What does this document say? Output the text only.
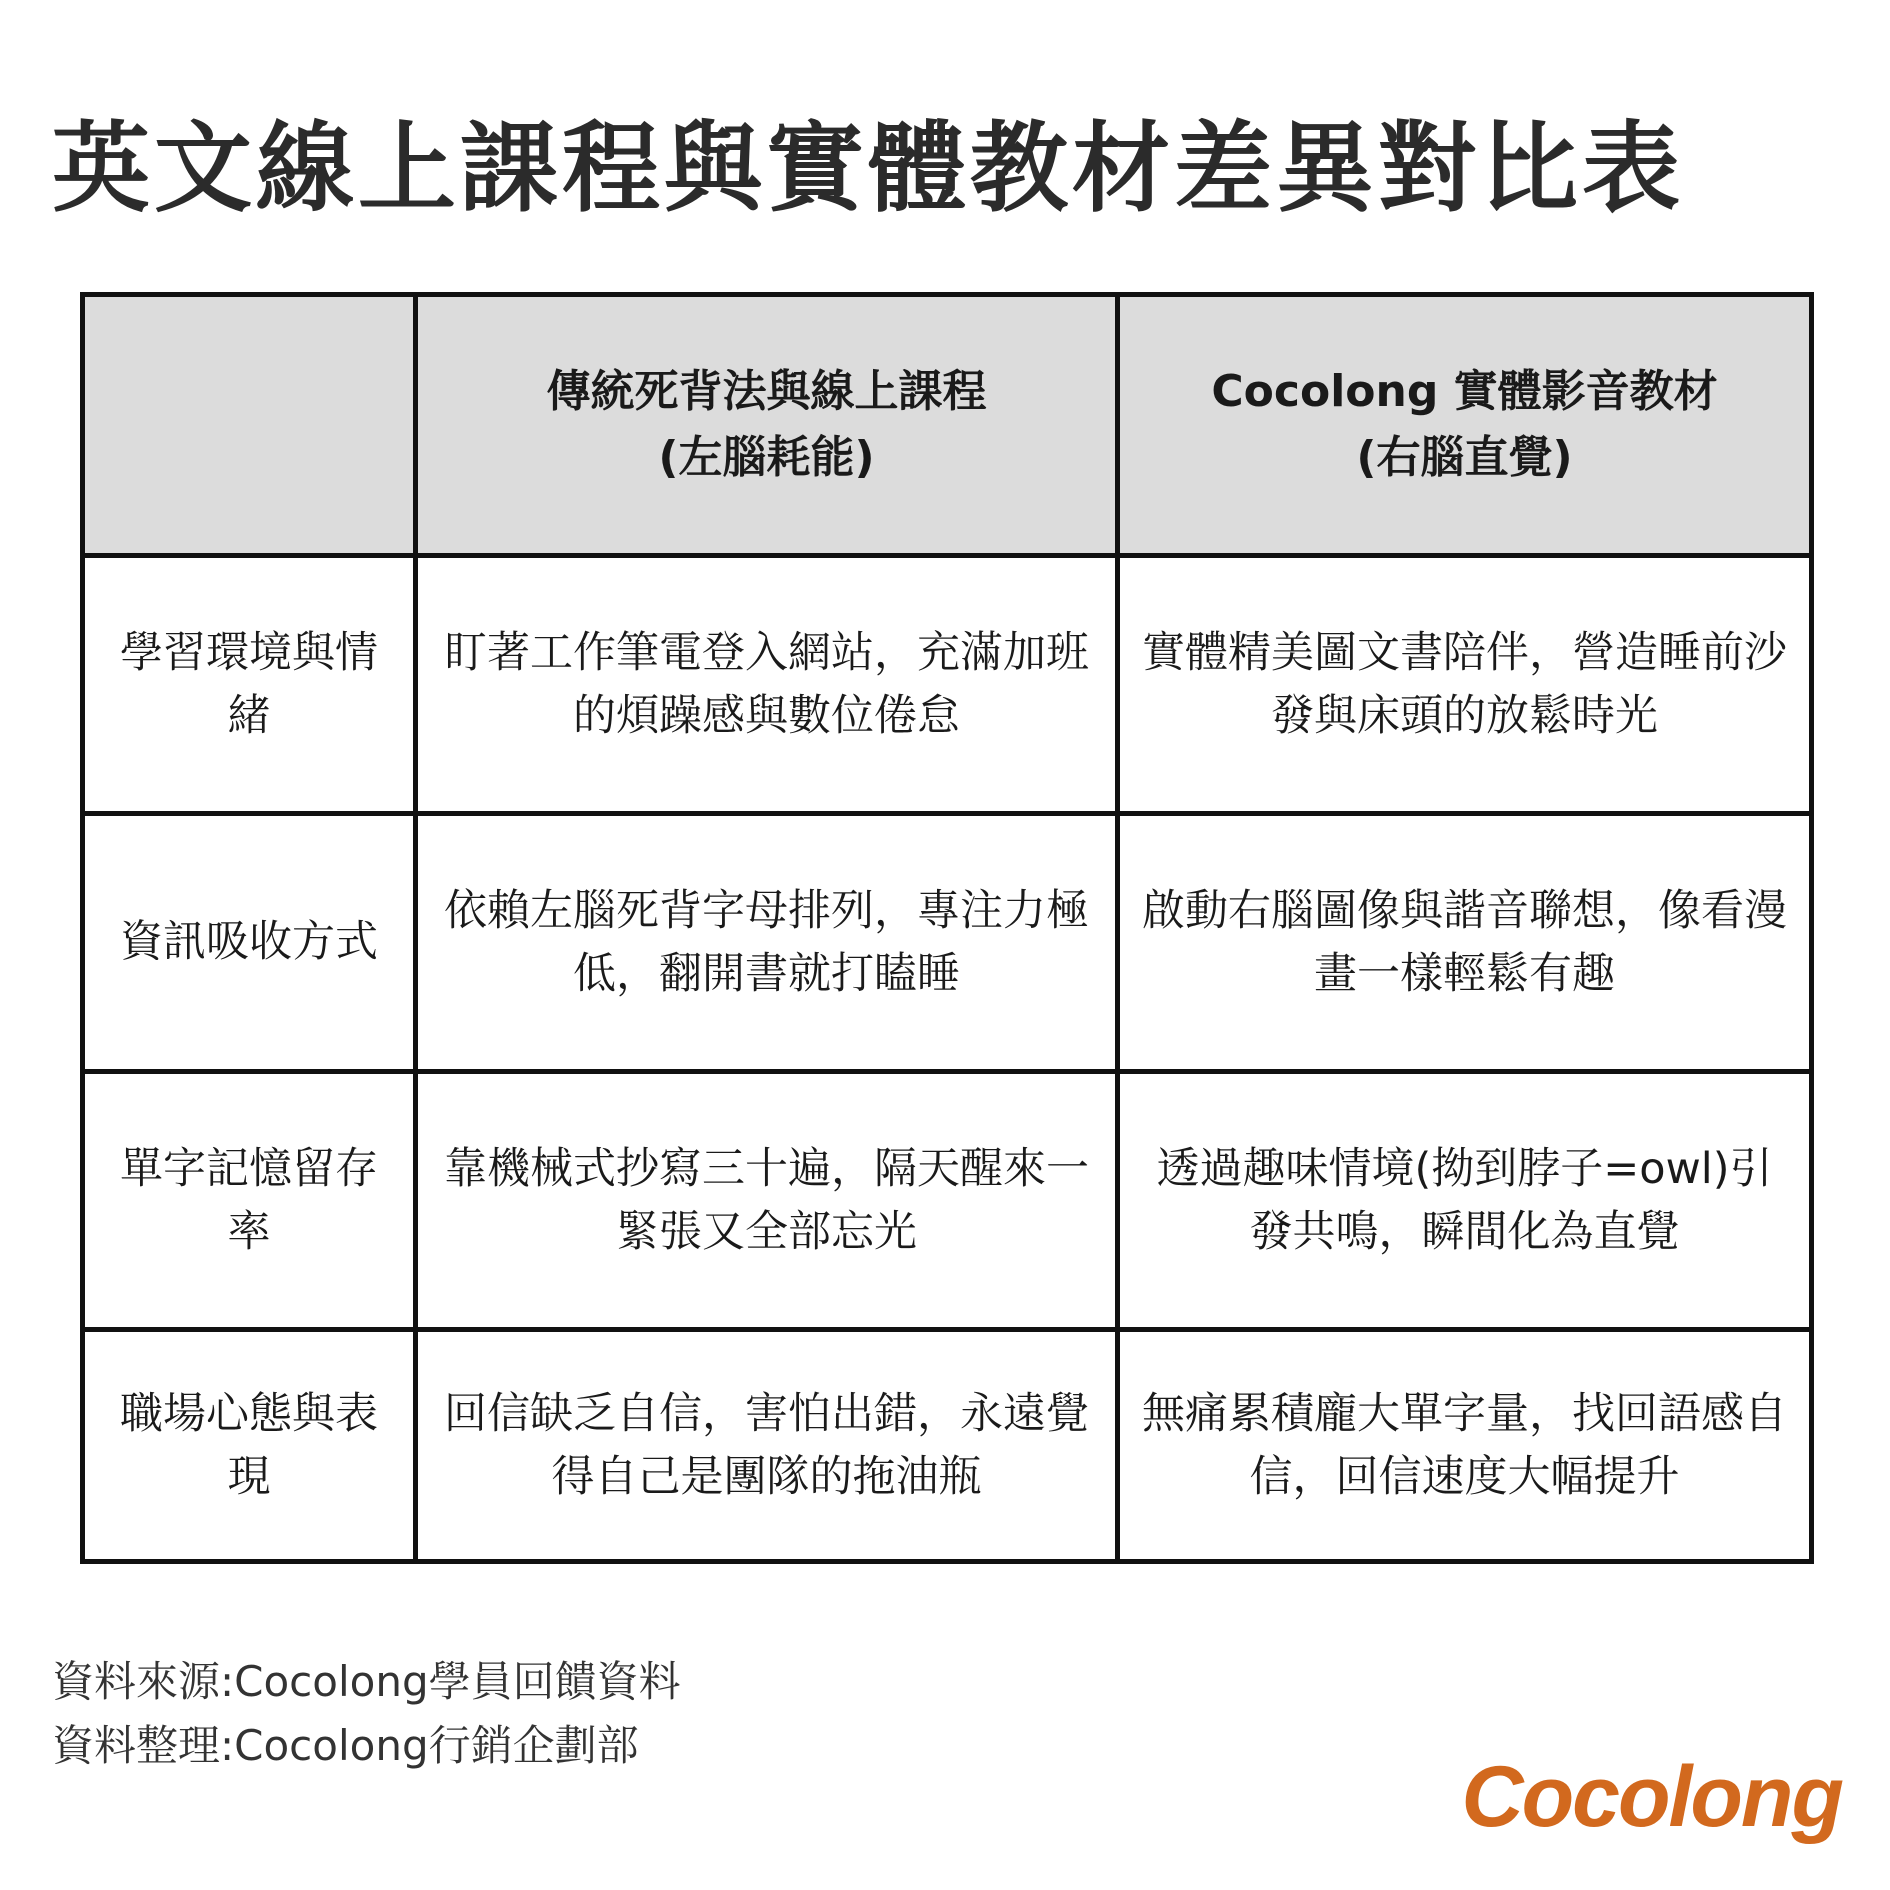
英文線上課程與實體教材差異對比表
傳統死背法與線上課程
(左腦耗能)
Cocolong 實體影音教材
(右腦直覺)
學習環境與情緒
盯著工作筆電登入網站，充滿加班的煩躁感與數位倦怠
實體精美圖文書陪伴，營造睡前沙發與床頭的放鬆時光
資訊吸收方式
依賴左腦死背字母排列，專注力極低，翻開書就打瞌睡
啟動右腦圖像與諧音聯想，像看漫畫一樣輕鬆有趣
單字記憶留存率
靠機械式抄寫三十遍，隔天醒來一緊張又全部忘光
透過趣味情境(拗到脖子=owl)引發共鳴，瞬間化為直覺
職場心態與表現
回信缺乏自信，害怕出錯，永遠覺得自己是團隊的拖油瓶
無痛累積龐大單字量，找回語感自信，回信速度大幅提升
資料來源:Cocolong學員回饋資料
資料整理:Cocolong行銷企劃部
Cocolong
